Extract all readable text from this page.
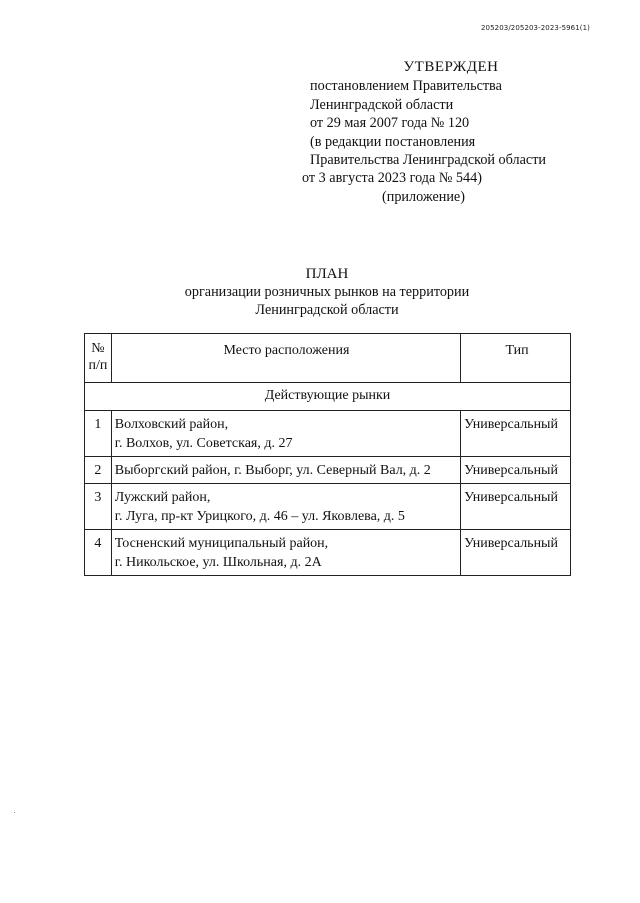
205203/205203-2023-5961(1)
УТВЕРЖДЕН
постановлением Правительства
Ленинградской области
от 29 мая 2007 года № 120
(в редакции постановления
Правительства Ленинградской области
от 3 августа 2023 года № 544)
(приложение)
ПЛАН
организации розничных рынков на территории
Ленинградской области
№
п/п	Место расположения	Тип
Действующие рынки		
1	Волховский район,
г. Волхов, ул. Советская, д. 27	Универсальный
2	Выборгский район, г. Выборг, ул. Северный Вал, д. 2	Универсальный
3	Лужский район,
г. Луга, пр-кт Урицкого, д. 46 – ул. Яковлева, д. 5	Универсальный
4	Тосненский муниципальный район,
г. Никольское, ул. Школьная, д. 2А	Универсальный
